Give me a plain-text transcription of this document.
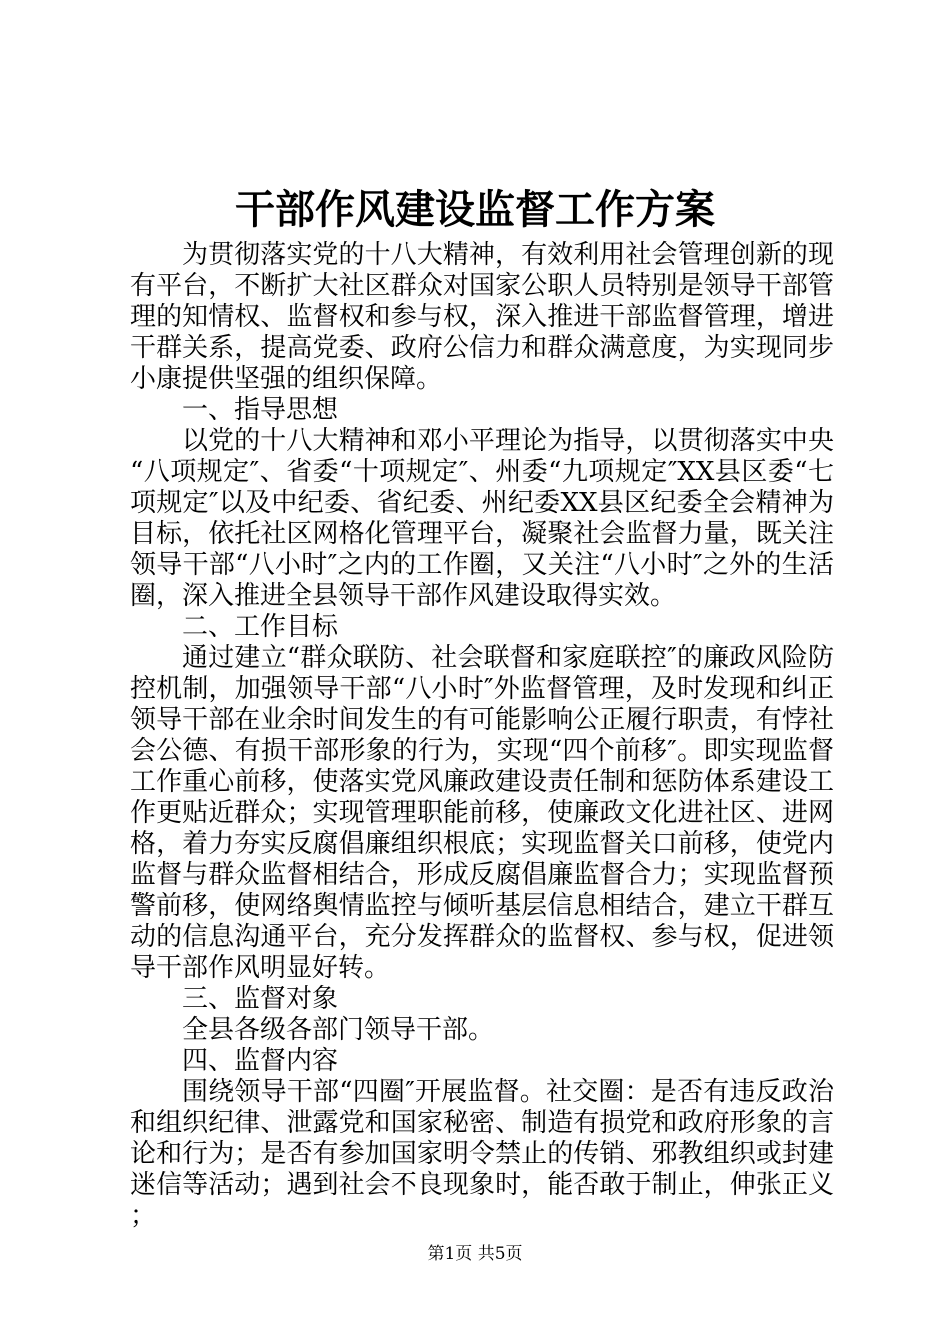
干部作风建设监督工作方案

为贯彻落实党的十八大精神，有效利用社会管理创新的现有平台，不断扩大社区群众对国家公职人员特别是领导干部管理的知情权、监督权和参与权，深入推进干部监督管理，增进干群关系，提高党委、政府公信力和群众满意度，为实现同步小康提供坚强的组织保障。

一、指导思想

以党的十八大精神和邓小平理论为指导，以贯彻落实中央“八项规定″、省委“十项规定″、州委“九项规定″XX县区委“七项规定″以及中纪委、省纪委、州纪委XX县区纪委全会精神为目标，依托社区网格化管理平台，凝聚社会监督力量，既关注领导干部“八小时″之内的工作圈，又关注“八小时″之外的生活圈，深入推进全县领导干部作风建设取得实效。

二、工作目标

通过建立“群众联防、社会联督和家庭联控″的廉政风险防控机制，加强领导干部“八小时″外监督管理，及时发现和纠正领导干部在业余时间发生的有可能影响公正履行职责，有悖社会公德、有损干部形象的行为，实现“四个前移″。即实现监督工作重心前移，使落实党风廉政建设责任制和惩防体系建设工作更贴近群众；实现管理职能前移，使廉政文化进社区、进网格，着力夯实反腐倡廉组织根底；实现监督关口前移，使党内监督与群众监督相结合，形成反腐倡廉监督合力；实现监督预警前移，使网络舆情监控与倾听基层信息相结合，建立干群互动的信息沟通平台，充分发挥群众的监督权、参与权，促进领导干部作风明显好转。

三、监督对象

全县各级各部门领导干部。

四、监督内容

围绕领导干部“四圈″开展监督。社交圈：是否有违反政治和组织纪律、泄露党和国家秘密、制造有损党和政府形象的言论和行为；是否有参加国家明令禁止的传销、邪教组织或封建迷信等活动；遇到社会不良现象时，能否敢于制止，伸张正义；

第1页 共5页
